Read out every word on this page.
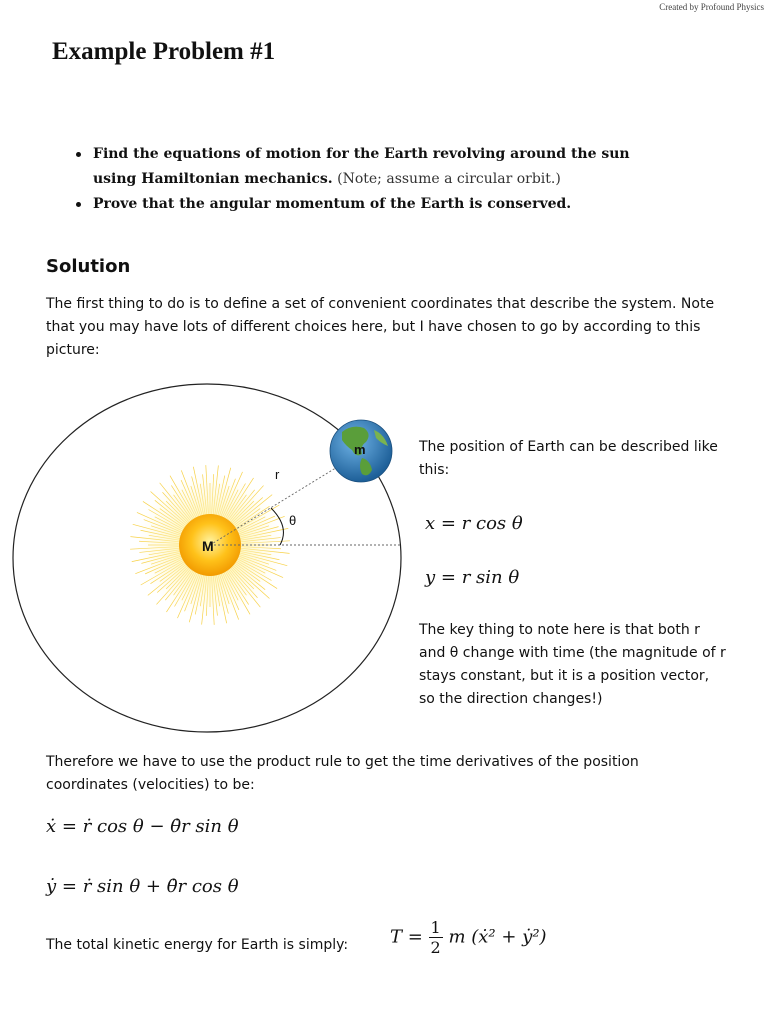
Created by Profound Physics
Example Problem #1
Find the equations of motion for the Earth revolving around the sun using Hamiltonian mechanics. (Note; assume a circular orbit.)
Prove that the angular momentum of the Earth is conserved.
Solution

The first thing to do is to define a set of convenient coordinates that describe the system. Note that you may have lots of different choices here, but I have chosen to go by according to this picture:

M
r
θ
m	The position of Earth can be described like this:

x = r cos θ
y = r sin θ

The key thing to note here is that both r and θ change with time (the magnitude of r stays constant, but it is a position vector, so the direction changes!)

Therefore we have to use the product rule to get the time derivatives of the position coordinates (velocities) to be:

ẋ = ṙ cos θ − θ̇r sin θ
ẏ = ṙ sin θ + θ̇r cos θ

The total kinetic energy for Earth is simply: $T = \frac{1}{2}$ m (ẋ² + ẏ²)
